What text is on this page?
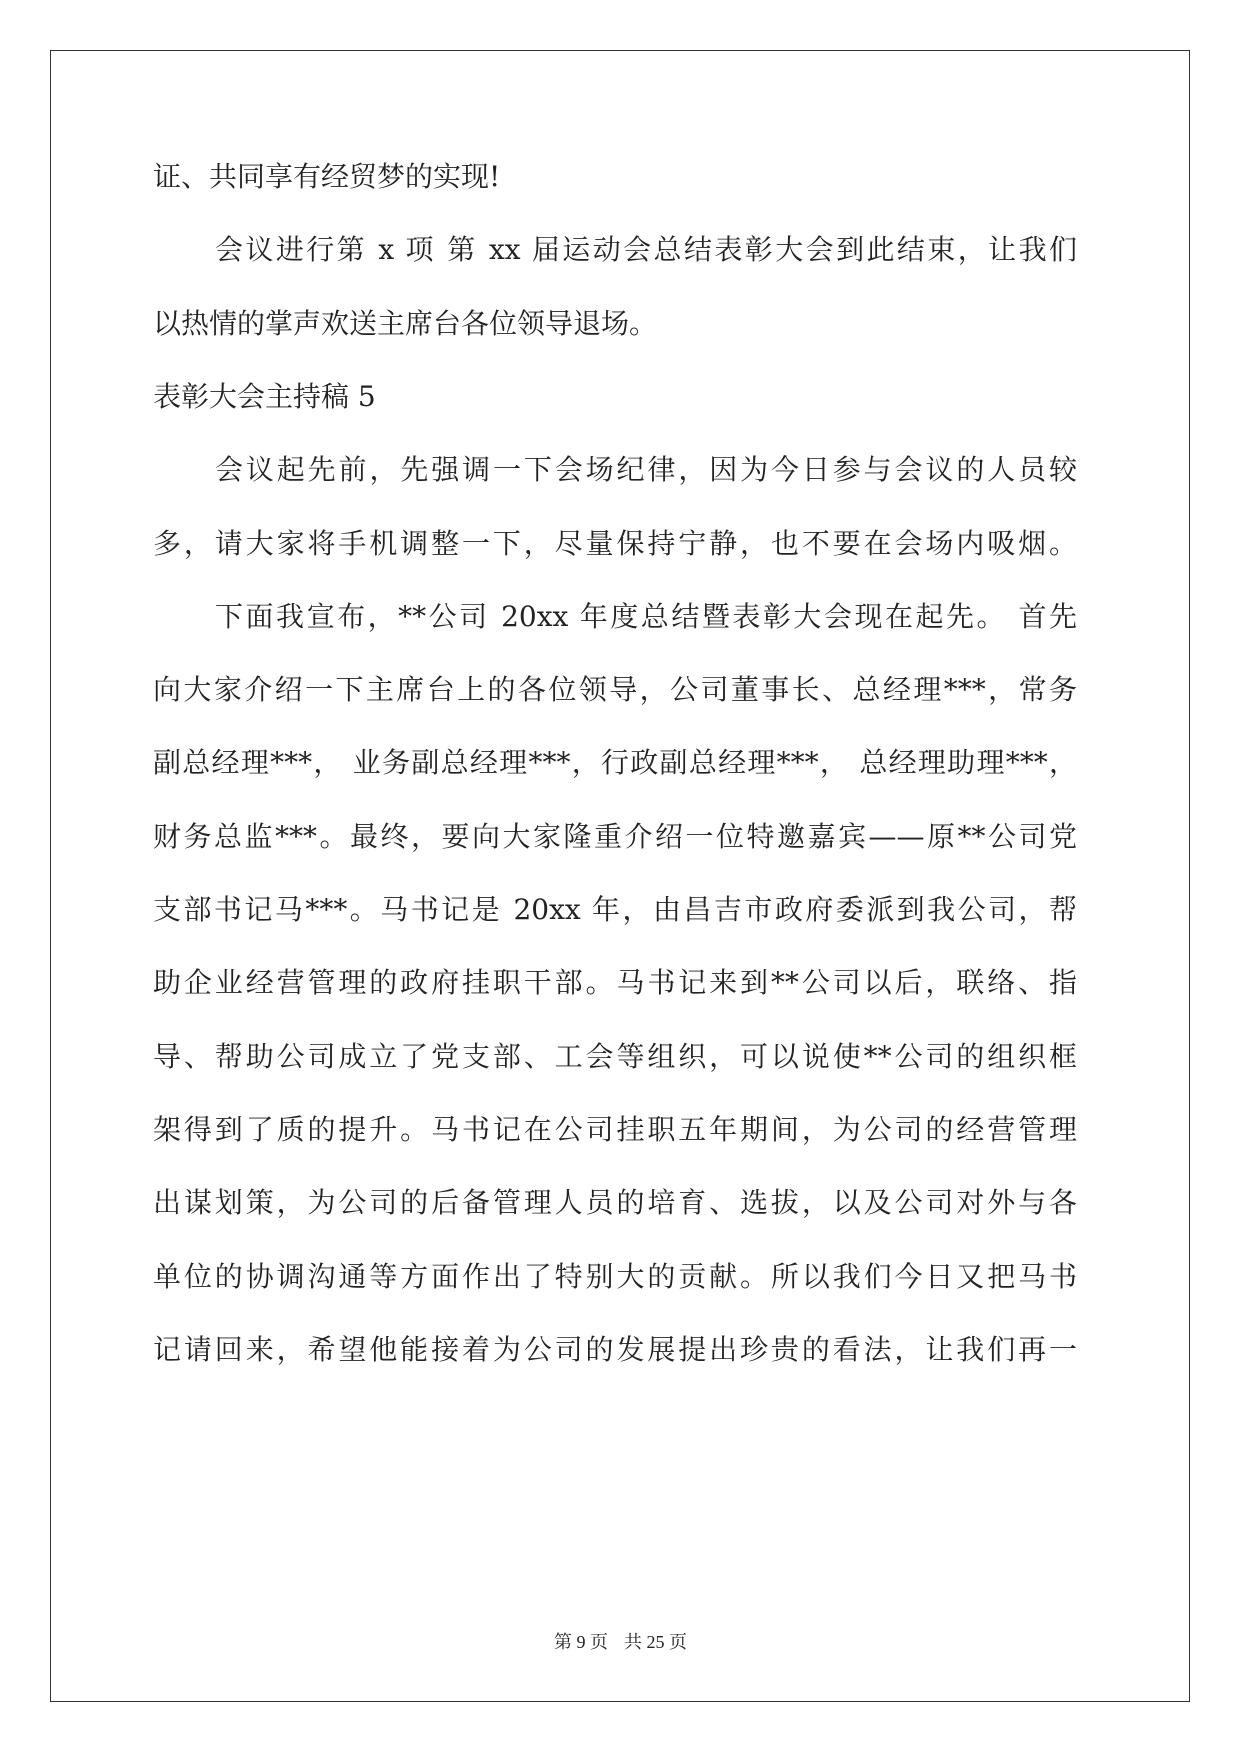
证、共同享有经贸梦的实现!

会议进行第 x 项 第 xx 届运动会总结表彰大会到此结束，让我们

以热情的掌声欢送主席台各位领导退场。

表彰大会主持稿 5

会议起先前，先强调一下会场纪律，因为今日参与会议的人员较

多，请大家将手机调整一下，尽量保持宁静，也不要在会场内吸烟。

下面我宣布，**公司 20xx 年度总结暨表彰大会现在起先。 首先

向大家介绍一下主席台上的各位领导，公司董事长、总经理***，常务

副总经理***， 业务副总经理***，行政副总经理***， 总经理助理***，

财务总监***。最终，要向大家隆重介绍一位特邀嘉宾——原**公司党

支部书记马***。马书记是 20xx 年，由昌吉市政府委派到我公司，帮

助企业经营管理的政府挂职干部。马书记来到**公司以后，联络、指

导、帮助公司成立了党支部、工会等组织，可以说使**公司的组织框

架得到了质的提升。马书记在公司挂职五年期间，为公司的经营管理

出谋划策，为公司的后备管理人员的培育、选拔，以及公司对外与各

单位的协调沟通等方面作出了特别大的贡献。所以我们今日又把马书

记请回来，希望他能接着为公司的发展提出珍贵的看法，让我们再一

第 9 页 共 25 页
